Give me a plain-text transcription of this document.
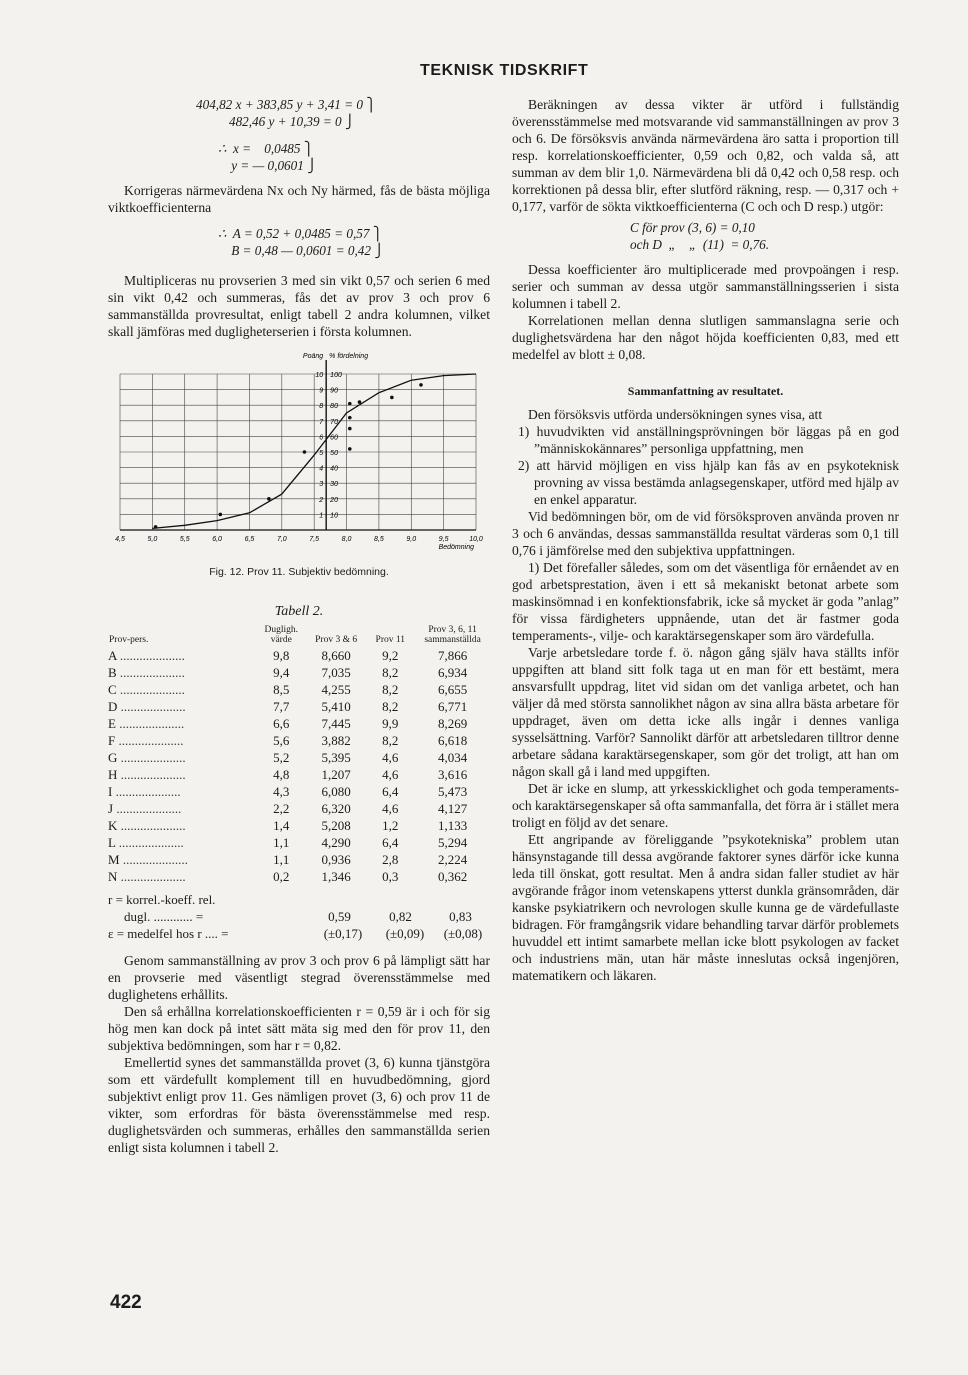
TEKNISK TIDSKRIFT
404,82 x + 383,85 y + 3,41 = 0 ⎫
482,46 y + 10,39 = 0 ⎭
∴  x =    0,0485 ⎫
y = — 0,0601 ⎭

Korrigeras närmevärdena Nx och Ny härmed, fås de bästa möjliga viktkoefficienterna

∴  A = 0,52 + 0,0485 = 0,57 ⎫
B = 0,48 — 0,0601 = 0,42 ⎭

Multipliceras nu provserien 3 med sin vikt 0,57 och serien 6 med sin vikt 0,42 och summeras, fås det av prov 3 och prov 6 sammanställda provresultat, enligt tabell 2 andra kolumnen, vilket skall jämföras med dugligheterserien i första kolumnen.

1 10
2 20
3 30
4 40
5 50
6 60
7 70
8 80
9 90
10 100
Poäng % fördelning
4,5	5,0	5,5	6,0	6,5	7,0	7,5	8,0	8,5	9,0	9,5	10,0
Bedömning
Fig. 12. Prov 11. Subjektiv bedömning.
Tabell 2.
Prov-pers.	Dugligh. värde	Prov 3 & 6	Prov 11	Prov 3, 6, 11 sammanställda
A ....................	9,8	8,660	9,2	7,866
B ....................	9,4	7,035	8,2	6,934
C ....................	8,5	4,255	8,2	6,655
D ....................	7,7	5,410	8,2	6,771
E ....................	6,6	7,445	9,9	8,269
F ....................	5,6	3,882	8,2	6,618
G ....................	5,2	5,395	4,6	4,034
H ....................	4,8	1,207	4,6	3,616
I ....................	4,3	6,080	6,4	5,473
J ....................	2,2	6,320	4,6	4,127
K ....................	1,4	5,208	1,2	1,133
L ....................	1,1	4,290	6,4	5,294
M ....................	1,1	0,936	2,8	2,224
N ....................	0,2	1,346	0,3	0,362
r = korrel.-koeff. rel.
dugl. ............ =	0,59	0,82	0,83
ε = medelfel hos r .... =	(±0,17)	(±0,09)	(±0,08)

Genom sammanställning av prov 3 och prov 6 på lämpligt sätt har en provserie med väsentligt stegrad överensstämmelse med duglighetens erhållits.

Den så erhållna korrelationskoefficienten r = 0,59 är i och för sig hög men kan dock på intet sätt mäta sig med den för prov 11, den subjektiva bedömningen, som har r = 0,82.

Emellertid synes det sammanställda provet (3, 6) kunna tjänstgöra som ett värdefullt komplement till en huvudbedömning, gjord subjektivt enligt prov 11. Ges nämligen provet (3, 6) och prov 11 de vikter, som erfordras för bästa överensstämmelse med resp. duglighetsvärden och summeras, erhålles den sammanställda serien enligt sista kolumnen i tabell 2.

Beräkningen av dessa vikter är utförd i fullständig överensstämmelse med motsvarande vid sammanställningen av prov 3 och 6. De försöksvis använda närmevärdena äro satta i proportion till resp. korrelationskoefficienter, 0,59 och 0,82, och valda så, att summan av dem blir 1,0. Närmevärdena bli då 0,42 och 0,58 resp. och korrektionen på dessa blir, efter slutförd räkning, resp. — 0,317 och + 0,177, varför de sökta viktkoefficienterna (C och och D resp.) utgör:

C för prov (3, 6) = 0,10
och D  „    „  (11)  = 0,76.

Dessa koefficienter äro multiplicerade med provpoängen i resp. serier och summan av dessa utgör sammanställningsserien i sista kolumnen i tabell 2.

Korrelationen mellan denna slutligen sammanslagna serie och duglighetsvärdena har den något höjda koefficienten 0,83, med ett medelfel av blott ± 0,08.

Sammanfattning av resultatet.

Den försöksvis utförda undersökningen synes visa, att

1) huvudvikten vid anställningsprövningen bör läggas på en god ”människokännares” personliga uppfattning, men

2) att härvid möjligen en viss hjälp kan fås av en psykoteknisk provning av vissa bestämda anlagsegenskaper, utförd med hjälp av en enkel apparatur.

Vid bedömningen bör, om de vid försöksproven använda proven nr 3 och 6 användas, dessas sammanställda resultat värderas som 0,1 till 0,76 i jämförelse med den subjektiva uppfattningen.

1) Det förefaller således, som om det väsentliga för ernåendet av en god arbetsprestation, även i ett så mekaniskt betonat arbete som maskinsömnad i en konfektionsfabrik, icke så mycket är goda ”anlag” för vissa färdigheters uppnående, utan det är fastmer goda temperaments-, vilje- och karaktärsegenskaper som äro värdefulla.

Varje arbetsledare torde f. ö. någon gång själv hava ställts inför uppgiften att bland sitt folk taga ut en man för ett bestämt, mera ansvarsfullt uppdrag, litet vid sidan om det vanliga arbetet, och han väljer då med största sannolikhet någon av sina allra bästa arbetare för uppdraget, även om detta icke alls ingår i dennes vanliga sysselsättning. Varför? Sannolikt därför att arbetsledaren tilltror denne arbetare sådana karaktärsegenskaper, som gör det troligt, att han om någon skall gå i land med uppgiften.

Det är icke en slump, att yrkesskicklighet och goda temperaments- och karaktärsegenskaper så ofta sammanfalla, det förra är i stället mera troligt en följd av det senare.

Ett angripande av föreliggande ”psykotekniska” problem utan hänsynstagande till dessa avgörande faktorer synes därför icke kunna leda till önskat, gott resultat. Men å andra sidan faller studiet av här avgörande frågor inom vetenskapens ytterst dunkla gränsområden, där kanske psykiatrikern och nevrologen skulle kunna ge de värdefullaste bidragen. För framgångsrik vidare behandling tarvar därför problemets huvuddel ett intimt samarbete mellan icke blott psykologen av facket och industriens män, utan här måste inneslutas också ingenjören, matematikern och läkaren.

422
